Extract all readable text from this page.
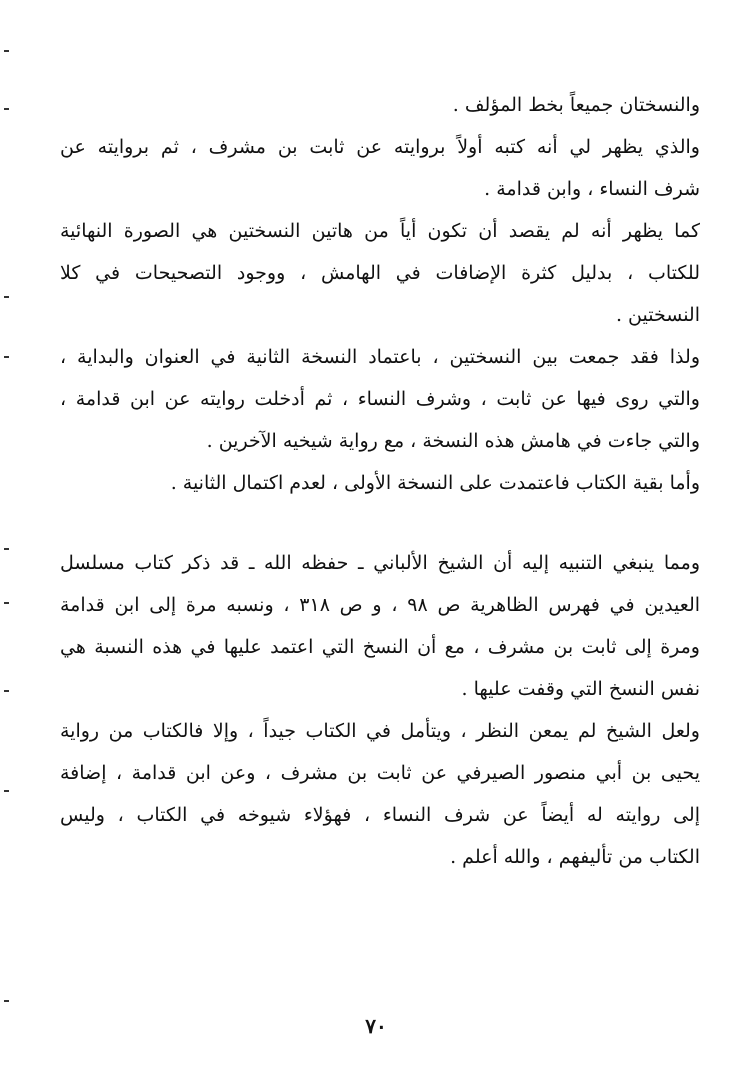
والنسختان جميعاً بخط المؤلف .
والذي يظهر لي أنه كتبه أولاً بروايته عن ثابت بن مشرف ، ثم بروايته عن
شرف النساء ، وابن قدامة .
كما يظهر أنه لم يقصد أن تكون أياً من هاتين النسختين هي الصورة النهائية
للكتاب ، بدليل كثرة الإضافات في الهامش ، ووجود التصحيحات في كلا
النسختين .
ولذا فقد جمعت بين النسختين ، باعتماد النسخة الثانية في العنوان والبداية ،
والتي روى فيها عن ثابت ، وشرف النساء ، ثم أدخلت روايته عن ابن قدامة ،
والتي جاءت في هامش هذه النسخة ، مع رواية شيخيه الآخرين .
وأما بقية الكتاب فاعتمدت على النسخة الأولى ، لعدم اكتمال الثانية .
ومما ينبغي التنبيه إليه أن الشيخ الألباني ـ حفظه الله ـ قد ذكر كتاب مسلسل
العيدين في فهرس الظاهرية ص ٩٨ ، و ص ٣١٨ ، ونسبه مرة إلى ابن قدامة
ومرة إلى ثابت بن مشرف ، مع أن النسخ التي اعتمد عليها في هذه النسبة هي
نفس النسخ التي وقفت عليها .
ولعل الشيخ لم يمعن النظر ، ويتأمل في الكتاب جيداً ، وإلا فالكتاب من رواية
يحيى بن أبي منصور الصيرفي عن ثابت بن مشرف ، وعن ابن قدامة ، إضافة
إلى روايته له أيضاً عن شرف النساء ، فهؤلاء شيوخه في الكتاب ، وليس
الكتاب من تأليفهم ، والله أعلم .
٧٠
